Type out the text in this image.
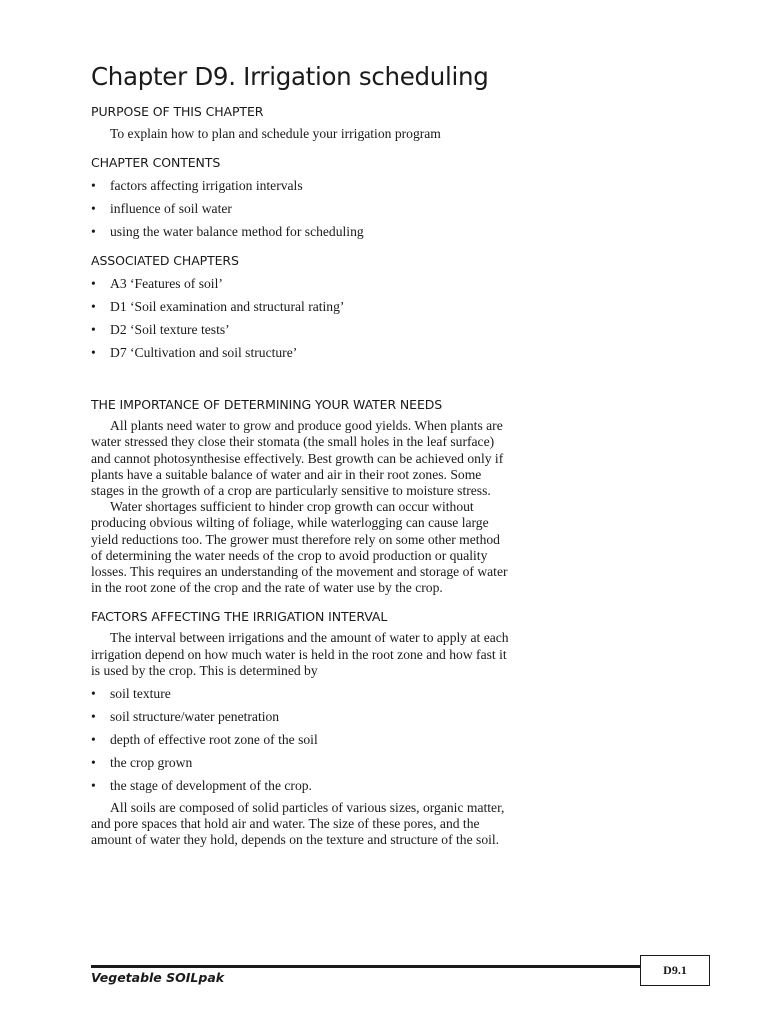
Chapter D9. Irrigation scheduling
PURPOSE OF THIS CHAPTER

To explain how to plan and schedule your irrigation program

CHAPTER CONTENTS
• factors affecting irrigation intervals
• influence of soil water
• using the water balance method for scheduling
ASSOCIATED CHAPTERS
• A3 ‘Features of soil’
• D1 ‘Soil examination and structural rating’
• D2 ‘Soil texture tests’
• D7 ‘Cultivation and soil structure’
THE IMPORTANCE OF DETERMINING YOUR WATER NEEDS

All plants need water to grow and produce good yields. When plants are water stressed they close their stomata (the small holes in the leaf surface) and cannot photosynthesise effectively. Best growth can be achieved only if plants have a suitable balance of water and air in their root zones. Some stages in the growth of a crop are particularly sensitive to moisture stress.

Water shortages sufficient to hinder crop growth can occur without producing obvious wilting of foliage, while waterlogging can cause large yield reductions too. The grower must therefore rely on some other method of determining the water needs of the crop to avoid production or quality losses. This requires an understanding of the movement and storage of water in the root zone of the crop and the rate of water use by the crop.

FACTORS AFFECTING THE IRRIGATION INTERVAL

The interval between irrigations and the amount of water to apply at each irrigation depend on how much water is held in the root zone and how fast it is used by the crop. This is determined by

• soil texture
• soil structure/water penetration
• depth of effective root zone of the soil
• the crop grown
• the stage of development of the crop.

All soils are composed of solid particles of various sizes, organic matter, and pore spaces that hold air and water. The size of these pores, and the amount of water they hold, depends on the texture and structure of the soil.

Vegetable SOILpak	D9.1
